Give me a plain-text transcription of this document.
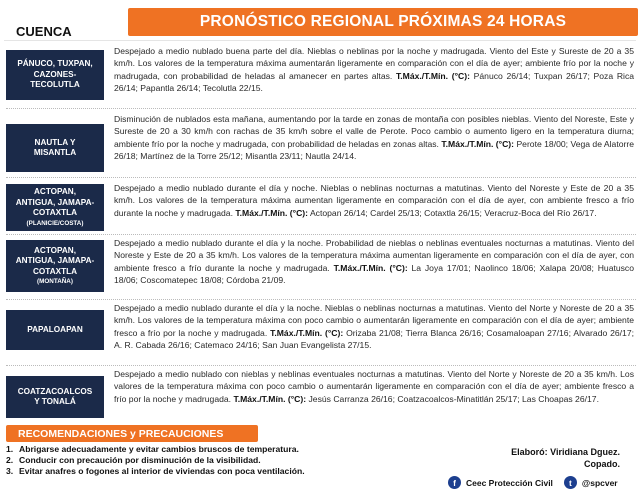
PRONÓSTICO REGIONAL PRÓXIMAS 24 HORAS
CUENCA
PÁNUCO, TUXPAN,
CAZONES-
TECOLUTLA
Despejado a medio nublado buena parte del día. Nieblas o neblinas por la noche y madrugada. Viento del Este y Sureste de 20 a 35 km/h. Los valores de la temperatura máxima aumentarán ligeramente en comparación con el día de ayer; ambiente frío por la noche y madrugada, con probabilidad de heladas al amanecer en partes altas. T.Máx./T.Mín. (°C): Pánuco 26/14; Tuxpan 26/17; Poza Rica 26/14; Papantla 26/14; Tecolutla 22/15.
NAUTLA Y
MISANTLA
Disminución de nublados esta mañana, aumentando por la tarde en zonas de montaña con posibles nieblas. Viento del Noreste, Este y Sureste de 20 a 30 km/h con rachas de 35 km/h sobre el valle de Perote. Poco cambio o aumento ligero en la temperatura diurna; ambiente frío por la noche y madrugada, con probabilidad de heladas en zonas altas. T.Máx./T.Mín. (°C): Perote 18/00; Vega de Alatorre 26/18; Martínez de la Torre 25/12; Misantla 23/11; Nautla 24/14.
ACTOPAN,
ANTIGUA, JAMAPA-
COTAXTLA
(PLANICIE/COSTA)
Despejado a medio nublado durante el día y noche. Nieblas o neblinas nocturnas a matutinas. Viento del Noreste y Este de 20 a 35 km/h. Los valores de la temperatura máxima aumentan ligeramente en comparación con el día de ayer, con ambiente fresco a frío durante la noche y madrugada. T.Máx./T.Mín. (°C): Actopan 26/14; Cardel 25/13; Cotaxtla 26/15; Veracruz-Boca del Río 26/17.
ACTOPAN,
ANTIGUA, JAMAPA-
COTAXTLA
(MONTAÑA)
Despejado a medio nublado durante el día y la noche. Probabilidad de nieblas o neblinas eventuales nocturnas a matutinas. Viento del Noreste y Este de 20 a 35 km/h. Los valores de la temperatura máxima aumentan ligeramente en comparación con el día de ayer, con ambiente fresco a frío durante la noche y madrugada. T.Máx./T.Mín. (°C): La Joya 17/01; Naolinco 18/06; Xalapa 20/08; Huatusco 18/06; Coscomatepec 18/08; Córdoba 21/09.
PAPALOAPAN
Despejado a medio nublado durante el día y la noche. Nieblas o neblinas nocturnas a matutinas. Viento del Norte y Noreste de 20 a 35 km/h. Los valores de la temperatura máxima con poco cambio o aumentarán ligeramente en comparación con el día de ayer; ambiente fresco a frío por la noche y madrugada. T.Máx./T.Mín. (°C): Orizaba 21/08; Tierra Blanca 26/16; Cosamaloapan 27/16; Alvarado 26/17; A. R. Cabada 26/16; Catemaco 24/16; San Juan Evangelista 27/15.
COATZACOALCOS
Y TONALÁ
Despejado a medio nublado con nieblas y neblinas eventuales nocturnas a matutinas. Viento del Norte y Noreste de 20 a 35 km/h. Los valores de la temperatura máxima con poco cambio o aumentarán ligeramente en comparación con el día de ayer; ambiente fresco a frío por la noche y madrugada. T.Máx./T.Mín. (°C): Jesús Carranza 26/16; Coatzacoalcos-Minatitlán 25/17; Las Choapas 26/17.
RECOMENDACIONES y PRECAUCIONES
1. Abrigarse adecuadamente y evitar cambios bruscos de temperatura.
2. Conducir con precaución por disminución de la visibilidad.
3. Evitar anafres o fogones al interior de viviendas con poca ventilación.
Elaboró: Viridiana Dguez.
Copado.
f	Ceec Protección Civil	t	@spcver
